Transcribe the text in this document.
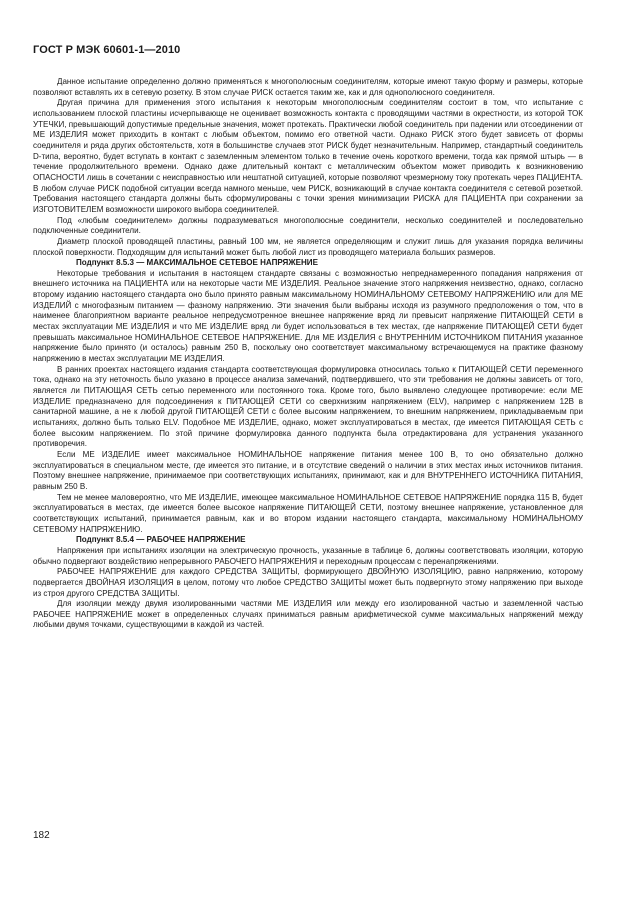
ГОСТ Р МЭК 60601-1—2010

Данное испытание определенно должно применяться к многополюсным соединителям, которые имеют такую форму и размеры, которые позволяют вставлять их в сетевую розетку. В этом случае РИСК остается таким же, как и для однополюсного соединителя.

Другая причина для применения этого испытания к некоторым многополюсным соединителям состоит в том, что испытание с использованием плоской пластины исчерпывающе не оценивает возможность контакта с проводящими частями в окрестности, из которой ТОК УТЕЧКИ, превышающий допустимые предельные значения, может протекать. Практически любой соединитель при падении или отсоединении от МЕ ИЗДЕЛИЯ может приходить в контакт с любым объектом, помимо его ответной части. Однако РИСК этого будет зависеть от формы соединителя и ряда других обстоятельств, хотя в большинстве случаев этот РИСК будет незначительным. Например, стандартный соединитель D-типа, вероятно, будет вступать в контакт с заземленным элементом только в течение очень короткого времени, тогда как прямой штырь — в течение продолжительного времени. Однако даже длительный контакт с металлическим объектом может приводить к возникновению ОПАСНОСТИ лишь в сочетании с неисправностью или нештатной ситуацией, которые позволяют чрезмерному току протекать через ПАЦИЕНТА. В любом случае РИСК подобной ситуации всегда намного меньше, чем РИСК, возникающий в случае контакта соединителя с сетевой розеткой. Требования настоящего стандарта должны быть сформулированы с точки зрения минимизации РИСКА для ПАЦИЕНТА при сохранении за ИЗГОТОВИТЕЛЕМ возможности широкого выбора соединителей.

Под «любым соединителем» должны подразумеваться многополюсные соединители, несколько соединителей и последовательно подключенные соединители.

Диаметр плоской проводящей пластины, равный 100 мм, не является определяющим и служит лишь для указания порядка величины плоской поверхности. Подходящим для испытаний может быть любой лист из проводящего материала больших размеров.

Подпункт 8.5.3 — МАКСИМАЛЬНОЕ СЕТЕВОЕ НАПРЯЖЕНИЕ

Некоторые требования и испытания в настоящем стандарте связаны с возможностью непреднамеренного попадания напряжения от внешнего источника на ПАЦИЕНТА или на некоторые части МЕ ИЗДЕЛИЯ. Реальное значение этого напряжения неизвестно, однако, согласно второму изданию настоящего стандарта оно было принято равным максимальному НОМИНАЛЬНОМУ СЕТЕВОМУ НАПРЯЖЕНИЮ или для МЕ ИЗДЕЛИЙ с многофазным питанием — фазному напряжению. Эти значения были выбраны исходя из разумного предположения о том, что в наименее благоприятном варианте реальное непредусмотренное внешнее напряжение вряд ли превысит напряжение ПИТАЮЩЕЙ СЕТИ в местах эксплуатации МЕ ИЗДЕЛИЯ и что МЕ ИЗДЕЛИЕ вряд ли будет использоваться в тех местах, где напряжение ПИТАЮЩЕЙ СЕТИ будет превышать максимальное НОМИНАЛЬНОЕ СЕТЕВОЕ НАПРЯЖЕНИЕ. Для МЕ ИЗДЕЛИЯ с ВНУТРЕННИМ ИСТОЧНИКОМ ПИТАНИЯ указанное напряжение было принято (и осталось) равным 250 В, поскольку оно соответствует максимальному встречающемуся на практике фазному напряжению в местах эксплуатации МЕ ИЗДЕЛИЯ.

В ранних проектах настоящего издания стандарта соответствующая формулировка относилась только к ПИТАЮЩЕЙ СЕТИ переменного тока, однако на эту неточность было указано в процессе анализа замечаний, подтвердившего, что эти требования не должны зависеть от того, является ли ПИТАЮЩАЯ СЕТЬ сетью переменного или постоянного тока. Кроме того, было выявлено следующее противоречие: если МЕ ИЗДЕЛИЕ предназначено для подсоединения к ПИТАЮЩЕЙ СЕТИ со сверхнизким напряжением (ELV), например с напряжением 12В в санитарной машине, а не к любой другой ПИТАЮЩЕЙ СЕТИ с более высоким напряжением, то внешним напряжением, прикладываемым при испытаниях, должно быть только ELV. Подобное МЕ ИЗДЕЛИЕ, однако, может эксплуатироваться в местах, где имеется ПИТАЮЩАЯ СЕТЬ с более высоким напряжением. По этой причине формулировка данного подпункта была отредактирована для устранения указанного противоречия.

Если МЕ ИЗДЕЛИЕ имеет максимальное НОМИНАЛЬНОЕ напряжение питания менее 100 В, то оно обязательно должно эксплуатироваться в специальном месте, где имеется это питание, и в отсутствие сведений о наличии в этих местах иных источников питания. Поэтому внешнее напряжение, принимаемое при соответствующих испытаниях, принимают, как и для ВНУТРЕННЕГО ИСТОЧНИКА ПИТАНИЯ, равным 250 В.

Тем не менее маловероятно, что МЕ ИЗДЕЛИЕ, имеющее максимальное НОМИНАЛЬНОЕ СЕТЕВОЕ НАПРЯЖЕНИЕ порядка 115 В, будет эксплуатироваться в местах, где имеется более высокое напряжение ПИТАЮЩЕЙ СЕТИ, поэтому внешнее напряжение, установленное для соответствующих испытаний, принимается равным, как и во втором издании настоящего стандарта, максимальному НОМИНАЛЬНОМУ СЕТЕВОМУ НАПРЯЖЕНИЮ.

Подпункт 8.5.4 — РАБОЧЕЕ НАПРЯЖЕНИЕ

Напряжения при испытаниях изоляции на электрическую прочность, указанные в таблице 6, должны соответствовать изоляции, которую обычно подвергают воздействию непрерывного РАБОЧЕГО НАПРЯЖЕНИЯ и переходным процессам с перенапряжениями.

РАБОЧЕЕ НАПРЯЖЕНИЕ для каждого СРЕДСТВА ЗАЩИТЫ, формирующего ДВОЙНУЮ ИЗОЛЯЦИЮ, равно напряжению, которому подвергается ДВОЙНАЯ ИЗОЛЯЦИЯ в целом, потому что любое СРЕДСТВО ЗАЩИТЫ может быть подвергнуто этому напряжению при выходе из строя другого СРЕДСТВА ЗАЩИТЫ.

Для изоляции между двумя изолированными частями МЕ ИЗДЕЛИЯ или между его изолированной частью и заземленной частью РАБОЧЕЕ НАПРЯЖЕНИЕ может в определенных случаях приниматься равным арифметической сумме максимальных напряжений между любыми двумя точками, существующими в каждой из частей.

182
